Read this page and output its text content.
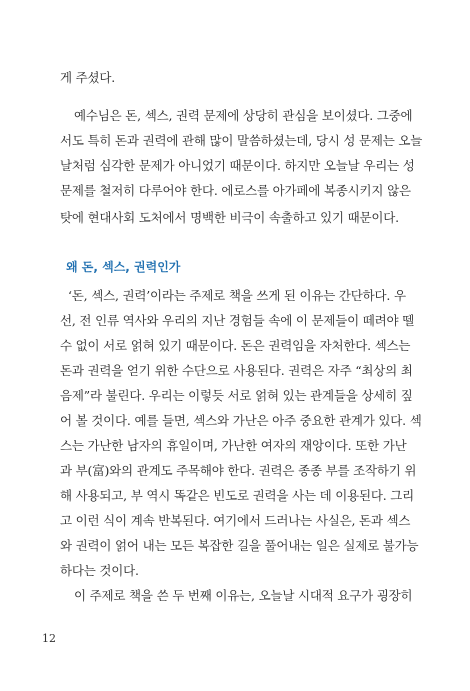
게 주셨다.
예수님은 돈, 섹스, 권력 문제에 상당히 관심을 보이셨다. 그중에
서도 특히 돈과 권력에 관해 많이 말씀하셨는데, 당시 성 문제는 오늘
날처럼 심각한 문제가 아니었기 때문이다. 하지만 오늘날 우리는 성
문제를 철저히 다루어야 한다. 에로스를 아가페에 복종시키지 않은
탓에 현대사회 도처에서 명백한 비극이 속출하고 있기 때문이다.
왜 돈, 섹스, 권력인가
‘돈, 섹스, 권력’이라는 주제로 책을 쓰게 된 이유는 간단하다. 우
선, 전 인류 역사와 우리의 지난 경험들 속에 이 문제들이 떼려야 뗄
수 없이 서로 얽혀 있기 때문이다. 돈은 권력임을 자처한다. 섹스는
돈과 권력을 얻기 위한 수단으로 사용된다. 권력은 자주 “최상의 최
음제”라 불린다. 우리는 이렇듯 서로 얽혀 있는 관계들을 상세히 짚
어 볼 것이다. 예를 들면, 섹스와 가난은 아주 중요한 관계가 있다. 섹
스는 가난한 남자의 휴일이며, 가난한 여자의 재앙이다. 또한 가난
과 부(富)와의 관계도 주목해야 한다. 권력은 종종 부를 조작하기 위
해 사용되고, 부 역시 똑같은 빈도로 권력을 사는 데 이용된다. 그리
고 이런 식이 계속 반복된다. 여기에서 드러나는 사실은, 돈과 섹스
와 권력이 얽어 내는 모든 복잡한 길을 풀어내는 일은 실제로 불가능
하다는 것이다.
이 주제로 책을 쓴 두 번째 이유는, 오늘날 시대적 요구가 굉장히
12
